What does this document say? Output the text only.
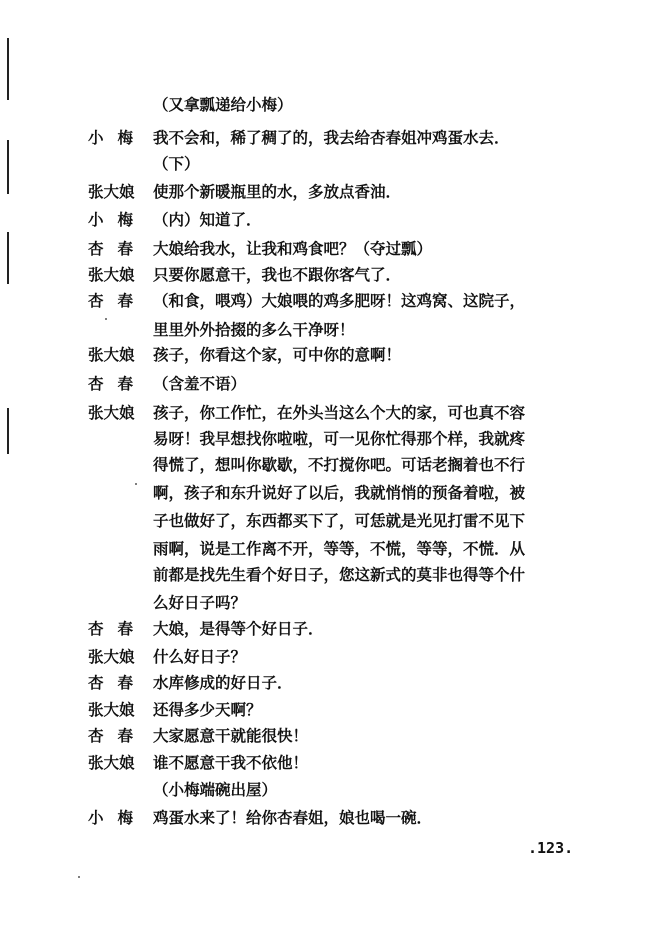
（又拿瓢递给小梅）
小梅 我不会和，稀了稠了的，我去给杏春姐冲鸡蛋水去．
（下）
张大娘	使那个新暖瓶里的水，多放点香油．
小梅 （内）知道了．
杏春 大娘给我水，让我和鸡食吧？（夺过瓢）
张大娘	只要你愿意干，我也不跟你客气了．
杏春 （和食，喂鸡）大娘喂的鸡多肥呀！这鸡窝、这院子，
里里外外拾掇的多么干净呀！
张大娘	孩子，你看这个家，可中你的意啊！
杏春 （含羞不语）
张大娘	孩子，你工作忙，在外头当这么个大的家，可也真不容
易呀！我早想找你啦啦，可一见你忙得那个样，我就疼
得慌了，想叫你歇歇，不打搅你吧。可话老搁着也不行
啊，孩子和东升说好了以后，我就悄悄的预备着啦，被
子也做好了，东西都买下了，可恁就是光见打雷不见下
雨啊，说是工作离不开，等等，不慌，等等，不慌．从
前都是找先生看个好日子，您这新式的莫非也得等个什
么好日子吗？
杏春 大娘，是得等个好日子．
张大娘	什么好日子？
杏春 水库修成的好日子．
张大娘	还得多少天啊？
杏春 大家愿意干就能很快！
张大娘	谁不愿意干我不依他！
（小梅端碗出屋）
小梅 鸡蛋水来了！给你杏春姐，娘也喝一碗．
.123.
